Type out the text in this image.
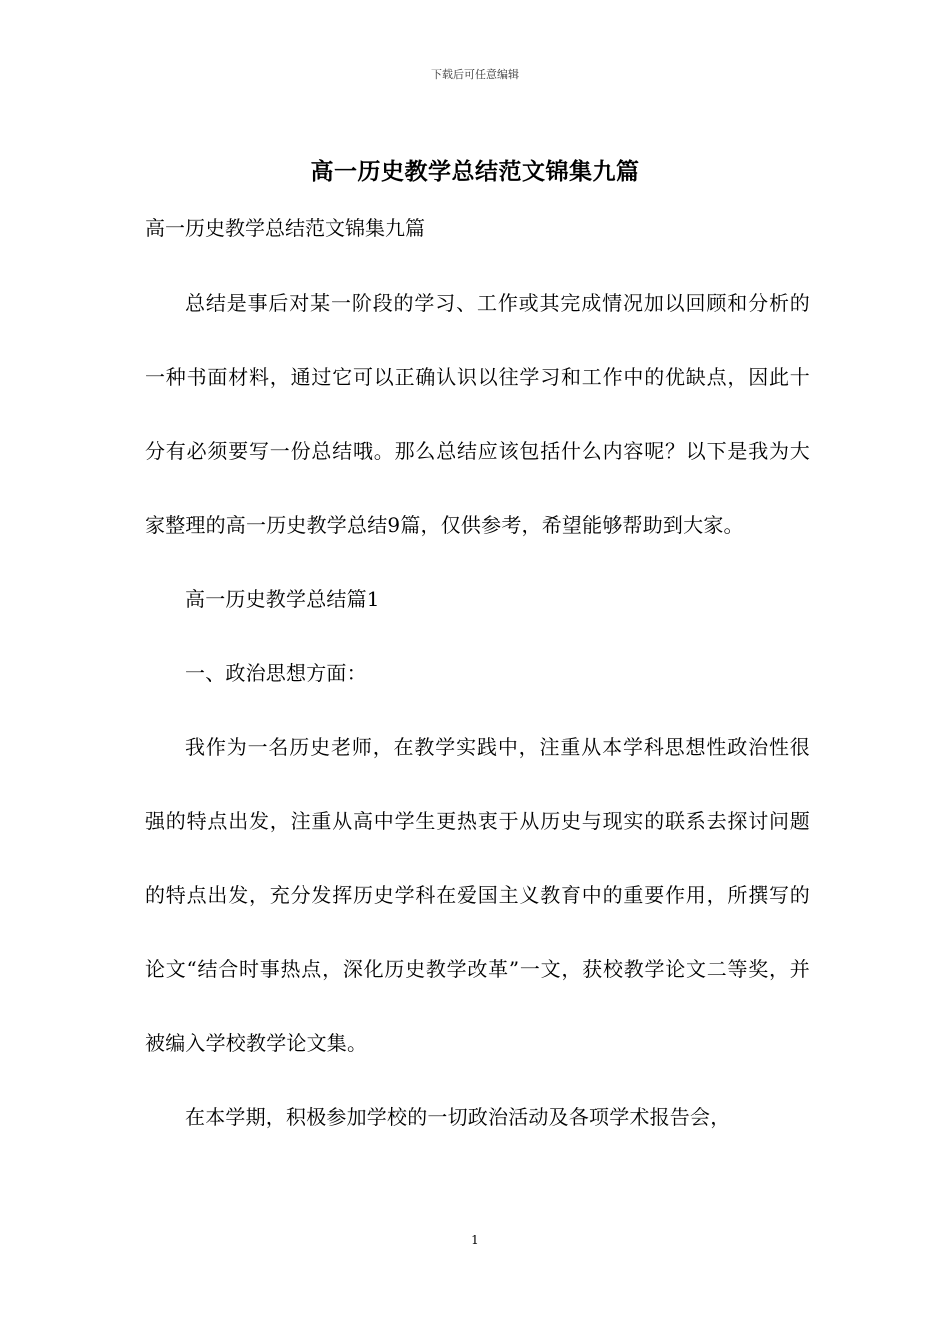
下载后可任意编辑
高一历史教学总结范文锦集九篇
高一历史教学总结范文锦集九篇

总结是事后对某一阶段的学习、工作或其完成情况加以回顾和分析的一种书面材料，通过它可以正确认识以往学习和工作中的优缺点，因此十分有必须要写一份总结哦。那么总结应该包括什么内容呢？以下是我为大家整理的高一历史教学总结9篇，仅供参考，希望能够帮助到大家。

高一历史教学总结篇1

一、政治思想方面：

我作为一名历史老师，在教学实践中，注重从本学科思想性政治性很强的特点出发，注重从高中学生更热衷于从历史与现实的联系去探讨问题的特点出发，充分发挥历史学科在爱国主义教育中的重要作用，所撰写的论文“结合时事热点，深化历史教学改革”一文，获校教学论文二等奖，并被编入学校教学论文集。

在本学期，积极参加学校的一切政治活动及各项学术报告会，

1
